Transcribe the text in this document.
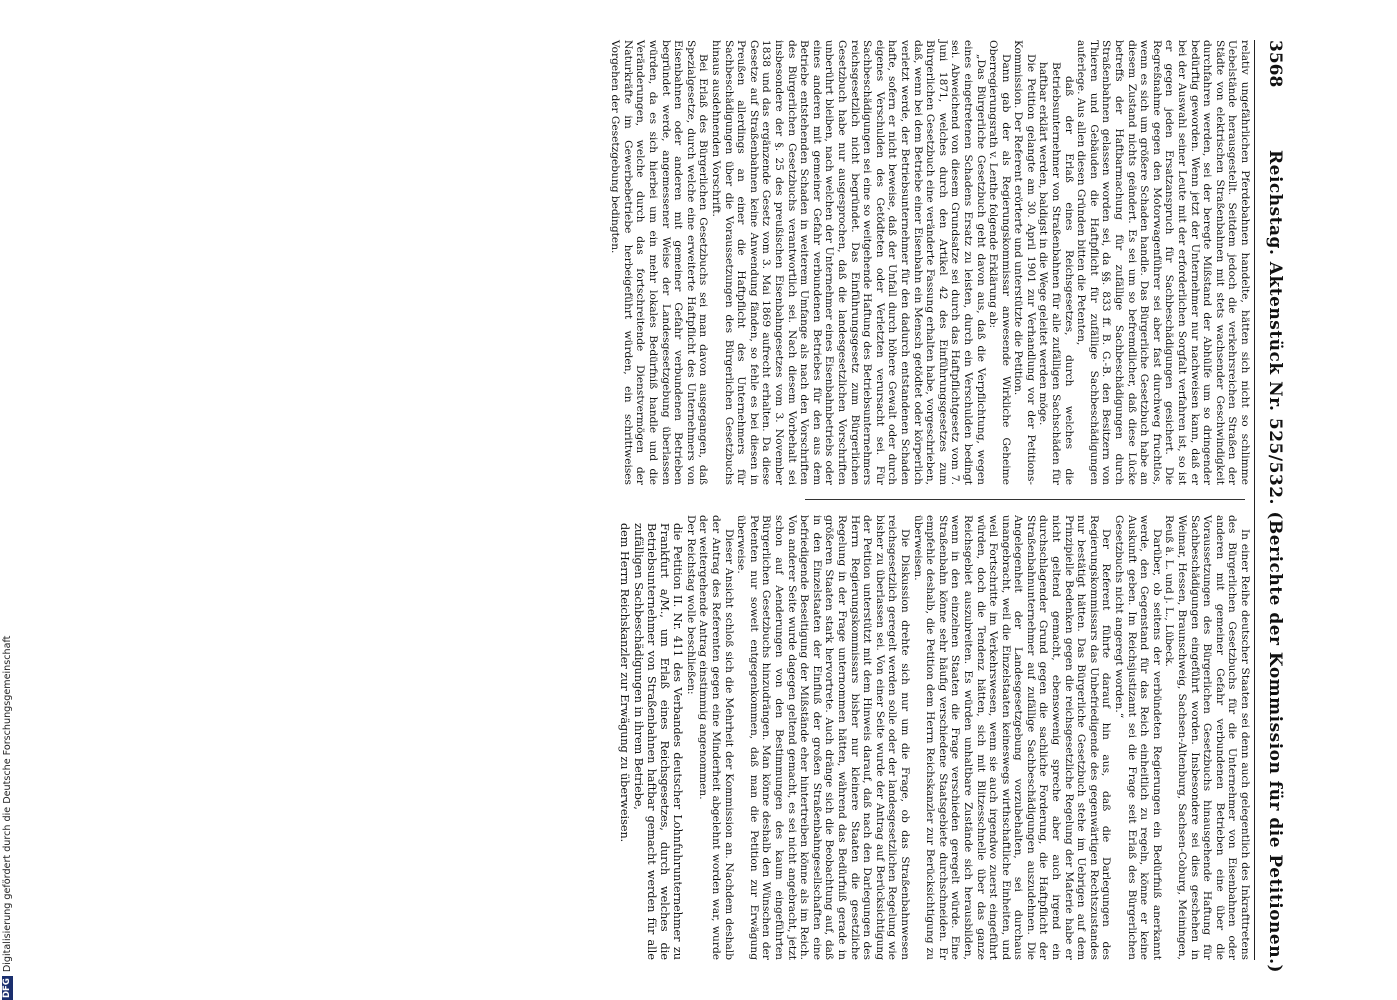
3568
Reichstag. Aktenstück Nr. 525/532. (Berichte der Kommission für die Petitionen.)

relativ ungefährlichen Pferdebahnen handelte, hätten sich nicht so schlimme Uebelstände herausgestellt. Seitdem jedoch die verkehrsreichen Straßen der Städte von elektrischen Straßenbahnen mit stets wachsender Geschwindigkeit durchfahren werden, sei der beregte Mißstand der Abhülfe um so dringender bedürftig geworden. Wenn jetzt der Unternehmer nur nachweisen kann, daß er bei der Auswahl seiner Leute mit der erforderlichen Sorgfalt verfahren ist, so ist er gegen jeden Ersatzanspruch für Sachbeschädigungen gesichert. Die Regreßnahme gegen den Motorwagenführer sei aber fast durchweg fruchtlos, wenn es sich um größere Schaden handle. Das Bürgerliche Gesetzbuch habe an diesem Zustand nichts geändert. Es sei um so befremdlicher, daß diese Lücke betreffs der Haftbarmachung für zufällige Sachbeschädigungen durch Straßenbahnen gelassen worden sei, da §§. 833 ff. B. G.-B. den Besitzern von Thieren und Gebäuden die Haftpflicht für zufällige Sachbeschädigungen auferlege. Aus allen diesen Gründen bitten die Petenten,

daß der Erlaß eines Reichsgesetzes, durch welches die Betriebsunternehmer von Straßenbahnen für alle zufälligen Sachschäden für haftbar erklärt werden, baldigst in die Wege geleitet werden möge.

Die Petition gelangte am 30. April 1901 zur Verhandlung vor der Petitions-Kommission. Der Referent erörterte und unterstützte die Petition.

Dann gab der als Regierungskommissar anwesende Wirkliche Geheime Oberregierungsrath v. Lenthe folgende Erklärung ab:

„Das Bürgerliche Gesetzbuch geht davon aus, daß die Verpflichtung, wegen eines eingetretenen Schadens Ersatz zu leisten, durch ein Verschulden bedingt sei. Abweichend von diesem Grundsatze sei durch das Haftpflichtgesetz vom 7. Juni 1871, welches durch den Artikel 42 des Einführungsgesetzes zum Bürgerlichen Gesetzbuch eine veränderte Fassung erhalten habe, vorgeschrieben, daß, wenn bei dem Betriebe einer Eisenbahn ein Mensch getödtet oder körperlich verletzt werde, der Betriebsunternehmer für den dadurch entstandenen Schaden hafte, sofern er nicht beweise, daß der Unfall durch höhere Gewalt oder durch eigenes Verschulden des Getödteten oder Verletzten verursacht sei. Für Sachbeschädigungen sei eine so weitgehende Haftung des Betriebsunternehmers reichsgesetzlich nicht begründet. Das Einführungsgesetz zum Bürgerlichen Gesetzbuch habe nur ausgesprochen, daß die landesgesetzlichen Vorschriften unberührt bleiben, nach welchen der Unternehmer eines Eisenbahnbetriebs oder eines anderen mit gemeiner Gefahr verbundenen Betriebes für den aus dem Betriebe entstehenden Schaden in weiterem Umfange als nach den Vorschriften des Bürgerlichen Gesetzbuchs verantwortlich sei. Nach diesem Vorbehalt sei insbesondere der §. 25 des preußischen Eisenbahngesetzes vom 3. November 1838 und das ergänzende Gesetz vom 3. Mai 1869 aufrecht erhalten. Da diese Gesetze auf Straßenbahnen keine Anwendung fänden, so fehle es bei diesen in Preußen allerdings an einer die Haftpflicht des Unternehmers für Sachbeschädigungen über die Voraussetzungen des Bürgerlichen Gesetzbuchs hinaus ausdehnenden Vorschrift.

Bei Erlaß des Bürgerlichen Gesetzbuchs sei man davon ausgegangen, daß Spezialgesetze, durch welche eine erweiterte Haftpflicht des Unternehmers von Eisenbahnen oder anderen mit gemeiner Gefahr verbundenen Betrieben begründet werde, angemessener Weise der Landesgesetzgebung überlassen würden, da es sich hierbei um ein mehr lokales Bedürfniß handle und die Veränderungen, welche durch das fortschreitende Dienstvermögen der Naturkräfte im Gewerbebetriebe herbeigeführt würden, ein schrittweises Vorgehen der Gesetzgebung bedingten.

In einer Reihe deutscher Staaten sei denn auch gelegentlich des Inkrafttretens des Bürgerlichen Gesetzbuchs für die Unternehmer von Eisenbahnen oder anderen mit gemeiner Gefahr verbundenen Betrieben eine über die Voraussetzungen des Bürgerlichen Gesetzbuchs hinausgehende Haftung für Sachbeschädigungen eingeführt worden. Insbesondere sei dies geschehen in Weimar, Hessen, Braunschweig, Sachsen-Altenburg, Sachsen-Coburg, Meiningen, Reuß ä. L. und j. L., Lübeck.

Darüber, ob seitens der verbündeten Regierungen ein Bedürfniß anerkannt werde, den Gegenstand für das Reich einheitlich zu regeln, könne er keine Auskunft geben. Im Reichsjustizamt sei die Frage seit Erlaß des Bürgerlichen Gesetzbuchs nicht angeregt worden.“

Der Referent führte darauf hin aus, daß die Darlegungen des Regierungskommissars das Unbefriedigende des gegenwärtigen Rechtszustandes nur bestätigt hätten. Das Bürgerliche Gesetzbuch stehe im Uebrigen auf dem Prinzipielle Bedenken gegen die reichsgesetzliche Regelung der Materie habe er nicht geltend gemacht, ebensowenig spreche aber auch irgend ein durchschlagender Grund gegen die sachliche Forderung, die Haftpflicht der Straßenbahnunternehmer auf zufällige Sachbeschädigungen auszudehnen. Die Angelegenheit der Landesgesetzgebung vorzubehalten, sei durchaus unangebracht, weil die Einzelstaaten keineswegs wirthschaftliche Einheiten, und weil Fortschritte im Verkehrswesen, wenn sie auch irgendwo zuerst eingeführt würden, doch die Tendenz hätten, sich mit Blitzesschnelle über das ganze Reichsgebiet auszubreiten. Es würden unhaltbare Zustände sich herausbilden, wenn in den einzelnen Staaten die Frage verschieden geregelt würde. Eine Straßenbahn könne sehr häufig verschiedene Staatsgebiete durchschneiden. Er empfehle deshalb, die Petition dem Herrn Reichskanzler zur Berücksichtigung zu überweisen.

Die Diskussion drehte sich nur um die Frage, ob das Straßenbahnwesen reichsgesetzlich geregelt werden solle oder der landesgesetzlichen Regelung wie bisher zu überlassen sei. Von einer Seite wurde der Antrag auf Berücksichtigung der Petition unterstützt mit dem Hinweis darauf, daß nach den Darlegungen des Herrn Regierungskommissars bisher nur kleinere Staaten die gesetzliche Regelung in der Frage unternommen hätten, während das Bedürfniß gerade in größeren Staaten stark hervortrete. Auch dränge sich die Beobachtung auf, daß in den Einzelstaaten der Einfluß der großen Straßenbahngesellschaften eine befriedigende Beseitigung der Mißstände eher hintertreiben könne als im Reich. Von anderer Seite wurde dagegen geltend gemacht, es sei nicht angebracht, jetzt schon auf Aenderungen von den Bestimmungen des kaum eingeführten Bürgerlichen Gesetzbuchs hinzudrängen. Man könne deshalb den Wünschen der Petenten nur soweit entgegenkommen, daß man die Petition zur Erwägung überweise.

Dieser Ansicht schloß sich die Mehrheit der Kommission an. Nachdem deshalb der Antrag des Referenten gegen eine Minderheit abgelehnt worden war, wurde der weitergehende Antrag einstimmig angenommen.

Der Reichstag wolle beschließen:

die Petition II. Nr. 411 des Verbandes deutscher Lohnfuhrunternehmer zu Frankfurt a/M., um Erlaß eines Reichsgesetzes, durch welches die Betriebsunternehmer von Straßenbahnen haftbar gemacht werden für alle zufälligen Sachbeschädigungen in ihrem Betriebe,

dem Herrn Reichskanzler zur Erwägung zu überweisen.

DFG
Digitalisierung gefördert durch die Deutsche Forschungsgemeinschaft
